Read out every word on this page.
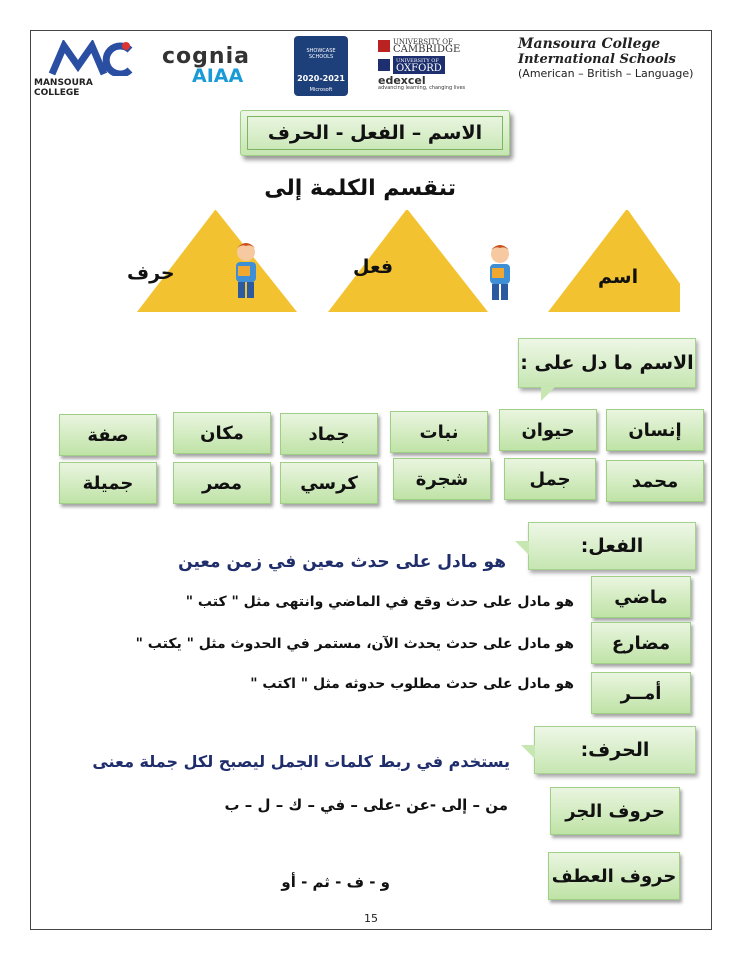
MANSOURA COLLEGE
cognia
AIAA
SHOWCASE SCHOOLS
2020-2021
Microsoft
UNIVERSITY OF
CAMBRIDGE
UNIVERSITY OF
OXFORD
edexcel
advancing learning, changing lives
Mansoura College
International Schools
(American – British – Language)
الاسم – الفعل - الحرف
تنقسم الكلمة إلى
اسم
فعل
حرف
الاسم ما دل على :
إنسان
حيوان
نبات
جماد
مكان
صفة
محمد
جمل
شجرة
كرسي
مصر
جميلة
الفعل:
هو مادل على حدث معين في زمن معين
ماضي
مضارع
أمــر
هو مادل على حدث وقع في الماضي وانتهى مثل " كتب "
هو مادل على حدث يحدث الآن، مستمر في الحدوث مثل " يكتب "
هو مادل على حدث مطلوب حدوثه مثل " اكتب "
الحرف:
يستخدم في ربط كلمات الجمل ليصبح لكل جملة معنى
حروف الجر
من – إلى -عن -على – في – ك – ل – ب
حروف العطف
و - ف - ثم - أو
15
